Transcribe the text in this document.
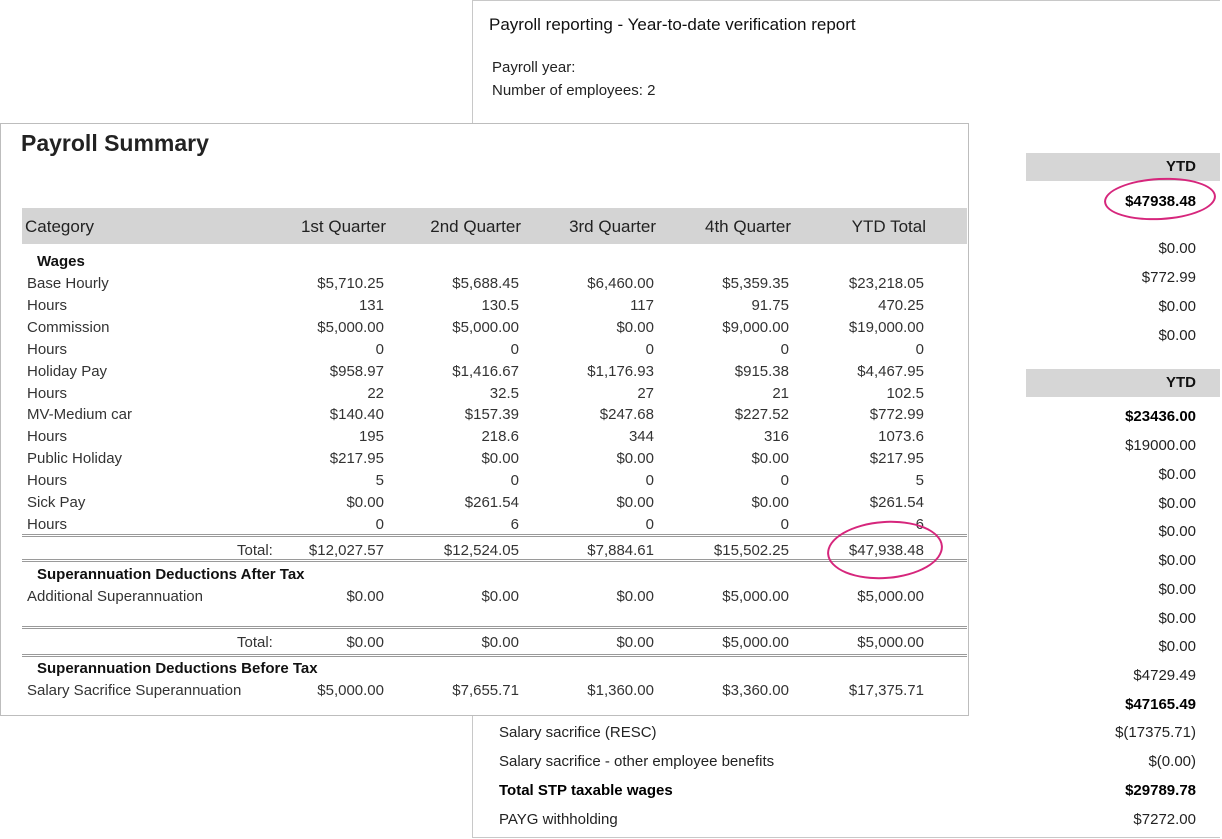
Payroll reporting - Year-to-date verification report
Payroll year:
Number of employees: 2
YTD
$47938.48
$0.00
$772.99
$0.00
$0.00
YTD
$23436.00
$19000.00
$0.00
$0.00
$0.00
$0.00
$0.00
$0.00
$0.00
$4729.49
$47165.49
Salary sacrifice (RESC)	$(17375.71)
Salary sacrifice - other employee benefits	$(0.00)
Total STP taxable wages	$29789.78
PAYG withholding	$7272.00
Payroll Summary
Category	1st Quarter	2nd Quarter	3rd Quarter	4th Quarter	YTD Total
Wages
Base Hourly	$5,710.25	$5,688.45	$6,460.00	$5,359.35	$23,218.05
Hours	131	130.5	117	91.75	470.25
Commission	$5,000.00	$5,000.00	$0.00	$9,000.00	$19,000.00
Hours	0	0	0	0	0
Holiday Pay	$958.97	$1,416.67	$1,176.93	$915.38	$4,467.95
Hours	22	32.5	27	21	102.5
MV-Medium car	$140.40	$157.39	$247.68	$227.52	$772.99
Hours	195	218.6	344	316	1073.6
Public Holiday	$217.95	$0.00	$0.00	$0.00	$217.95
Hours	5	0	0	0	5
Sick Pay	$0.00	$261.54	$0.00	$0.00	$261.54
Hours	0	6	0	0	6
Total: $12,027.57	$12,524.05	$7,884.61	$15,502.25	$47,938.48
Superannuation Deductions After Tax
Additional Superannuation	$0.00	$0.00	$0.00	$5,000.00	$5,000.00
Total:	$0.00	$0.00	$0.00	$5,000.00	$5,000.00
Superannuation Deductions Before Tax
Salary Sacrifice Superannuation	$5,000.00	$7,655.71	$1,360.00	$3,360.00	$17,375.71
